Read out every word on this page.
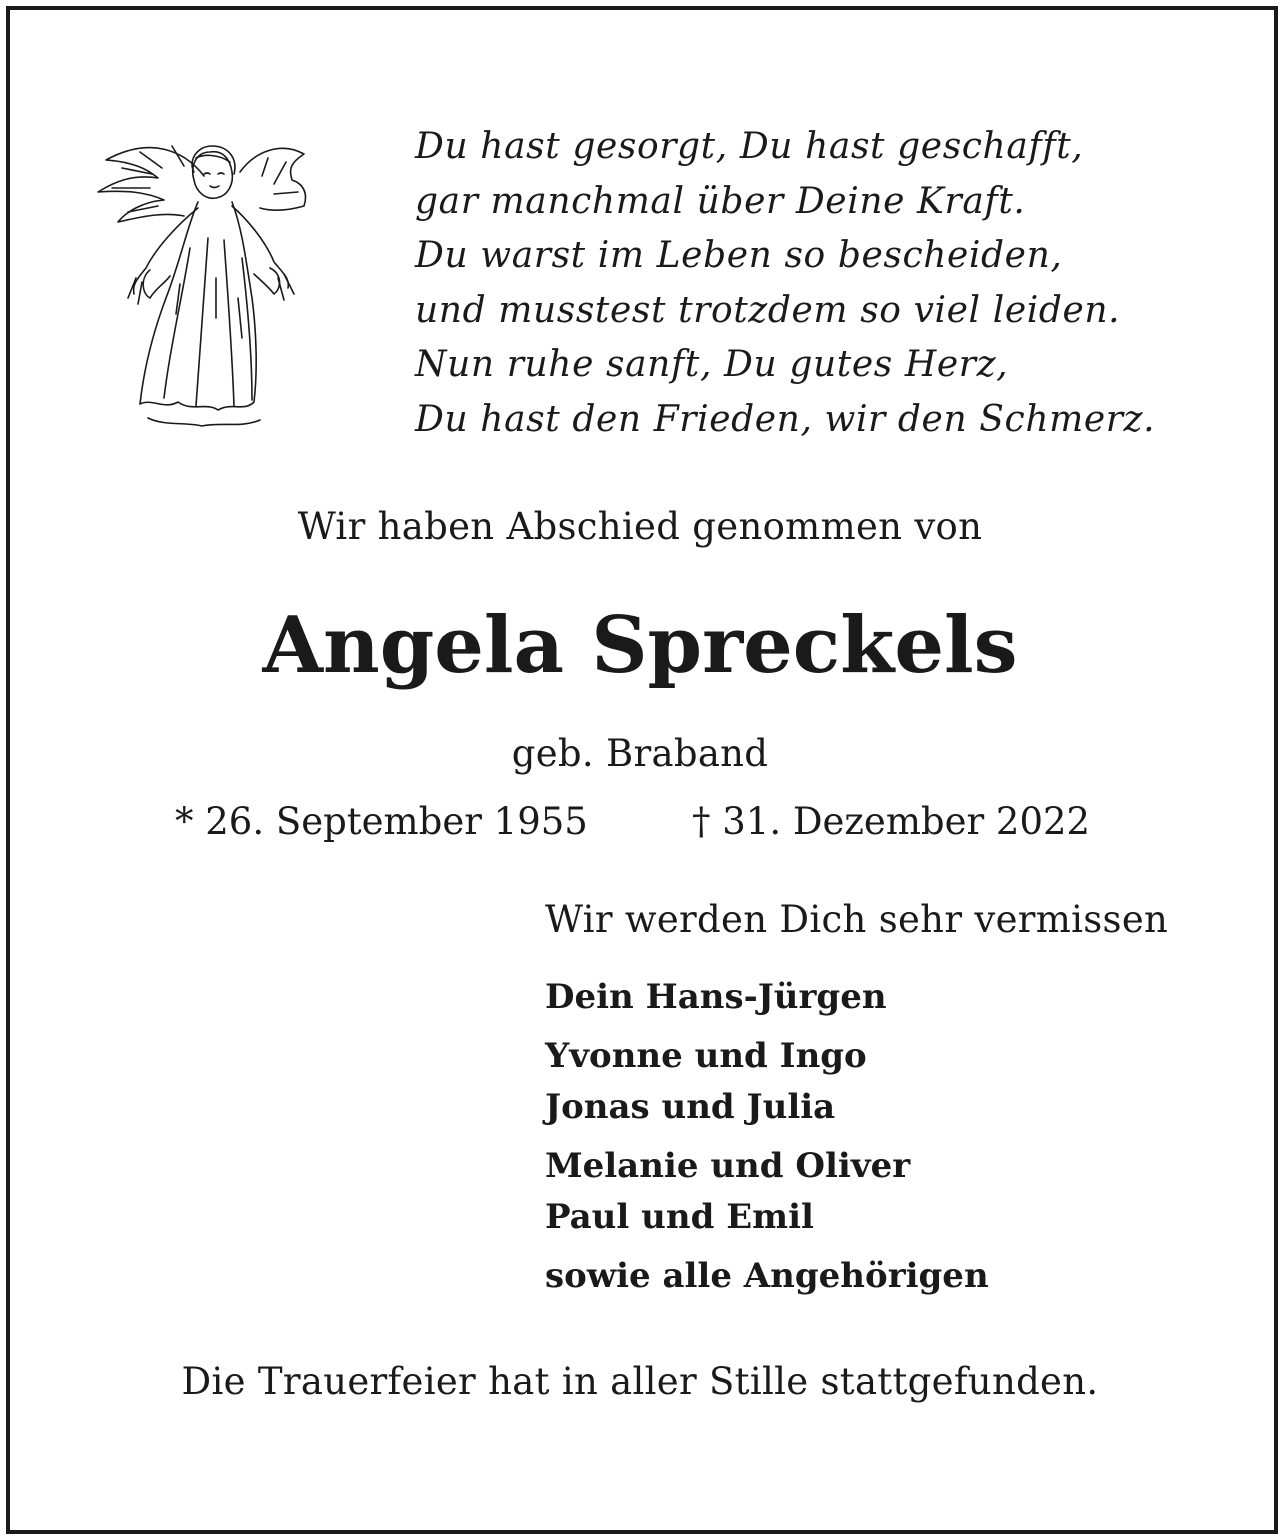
Du hast gesorgt, Du hast geschafft,
gar manchmal über Deine Kraft.
Du warst im Leben so bescheiden,
und musstest trotzdem so viel leiden.
Nun ruhe sanft, Du gutes Herz,
Du hast den Frieden, wir den Schmerz.
Wir haben Abschied genommen von
Angela Spreckels
geb. Braband
* 26. September 1955	† 31. Dezember 2022
Wir werden Dich sehr vermissen
Dein Hans-Jürgen
Yvonne und Ingo
Jonas und Julia
Melanie und Oliver
Paul und Emil
sowie alle Angehörigen
Die Trauerfeier hat in aller Stille stattgefunden.
